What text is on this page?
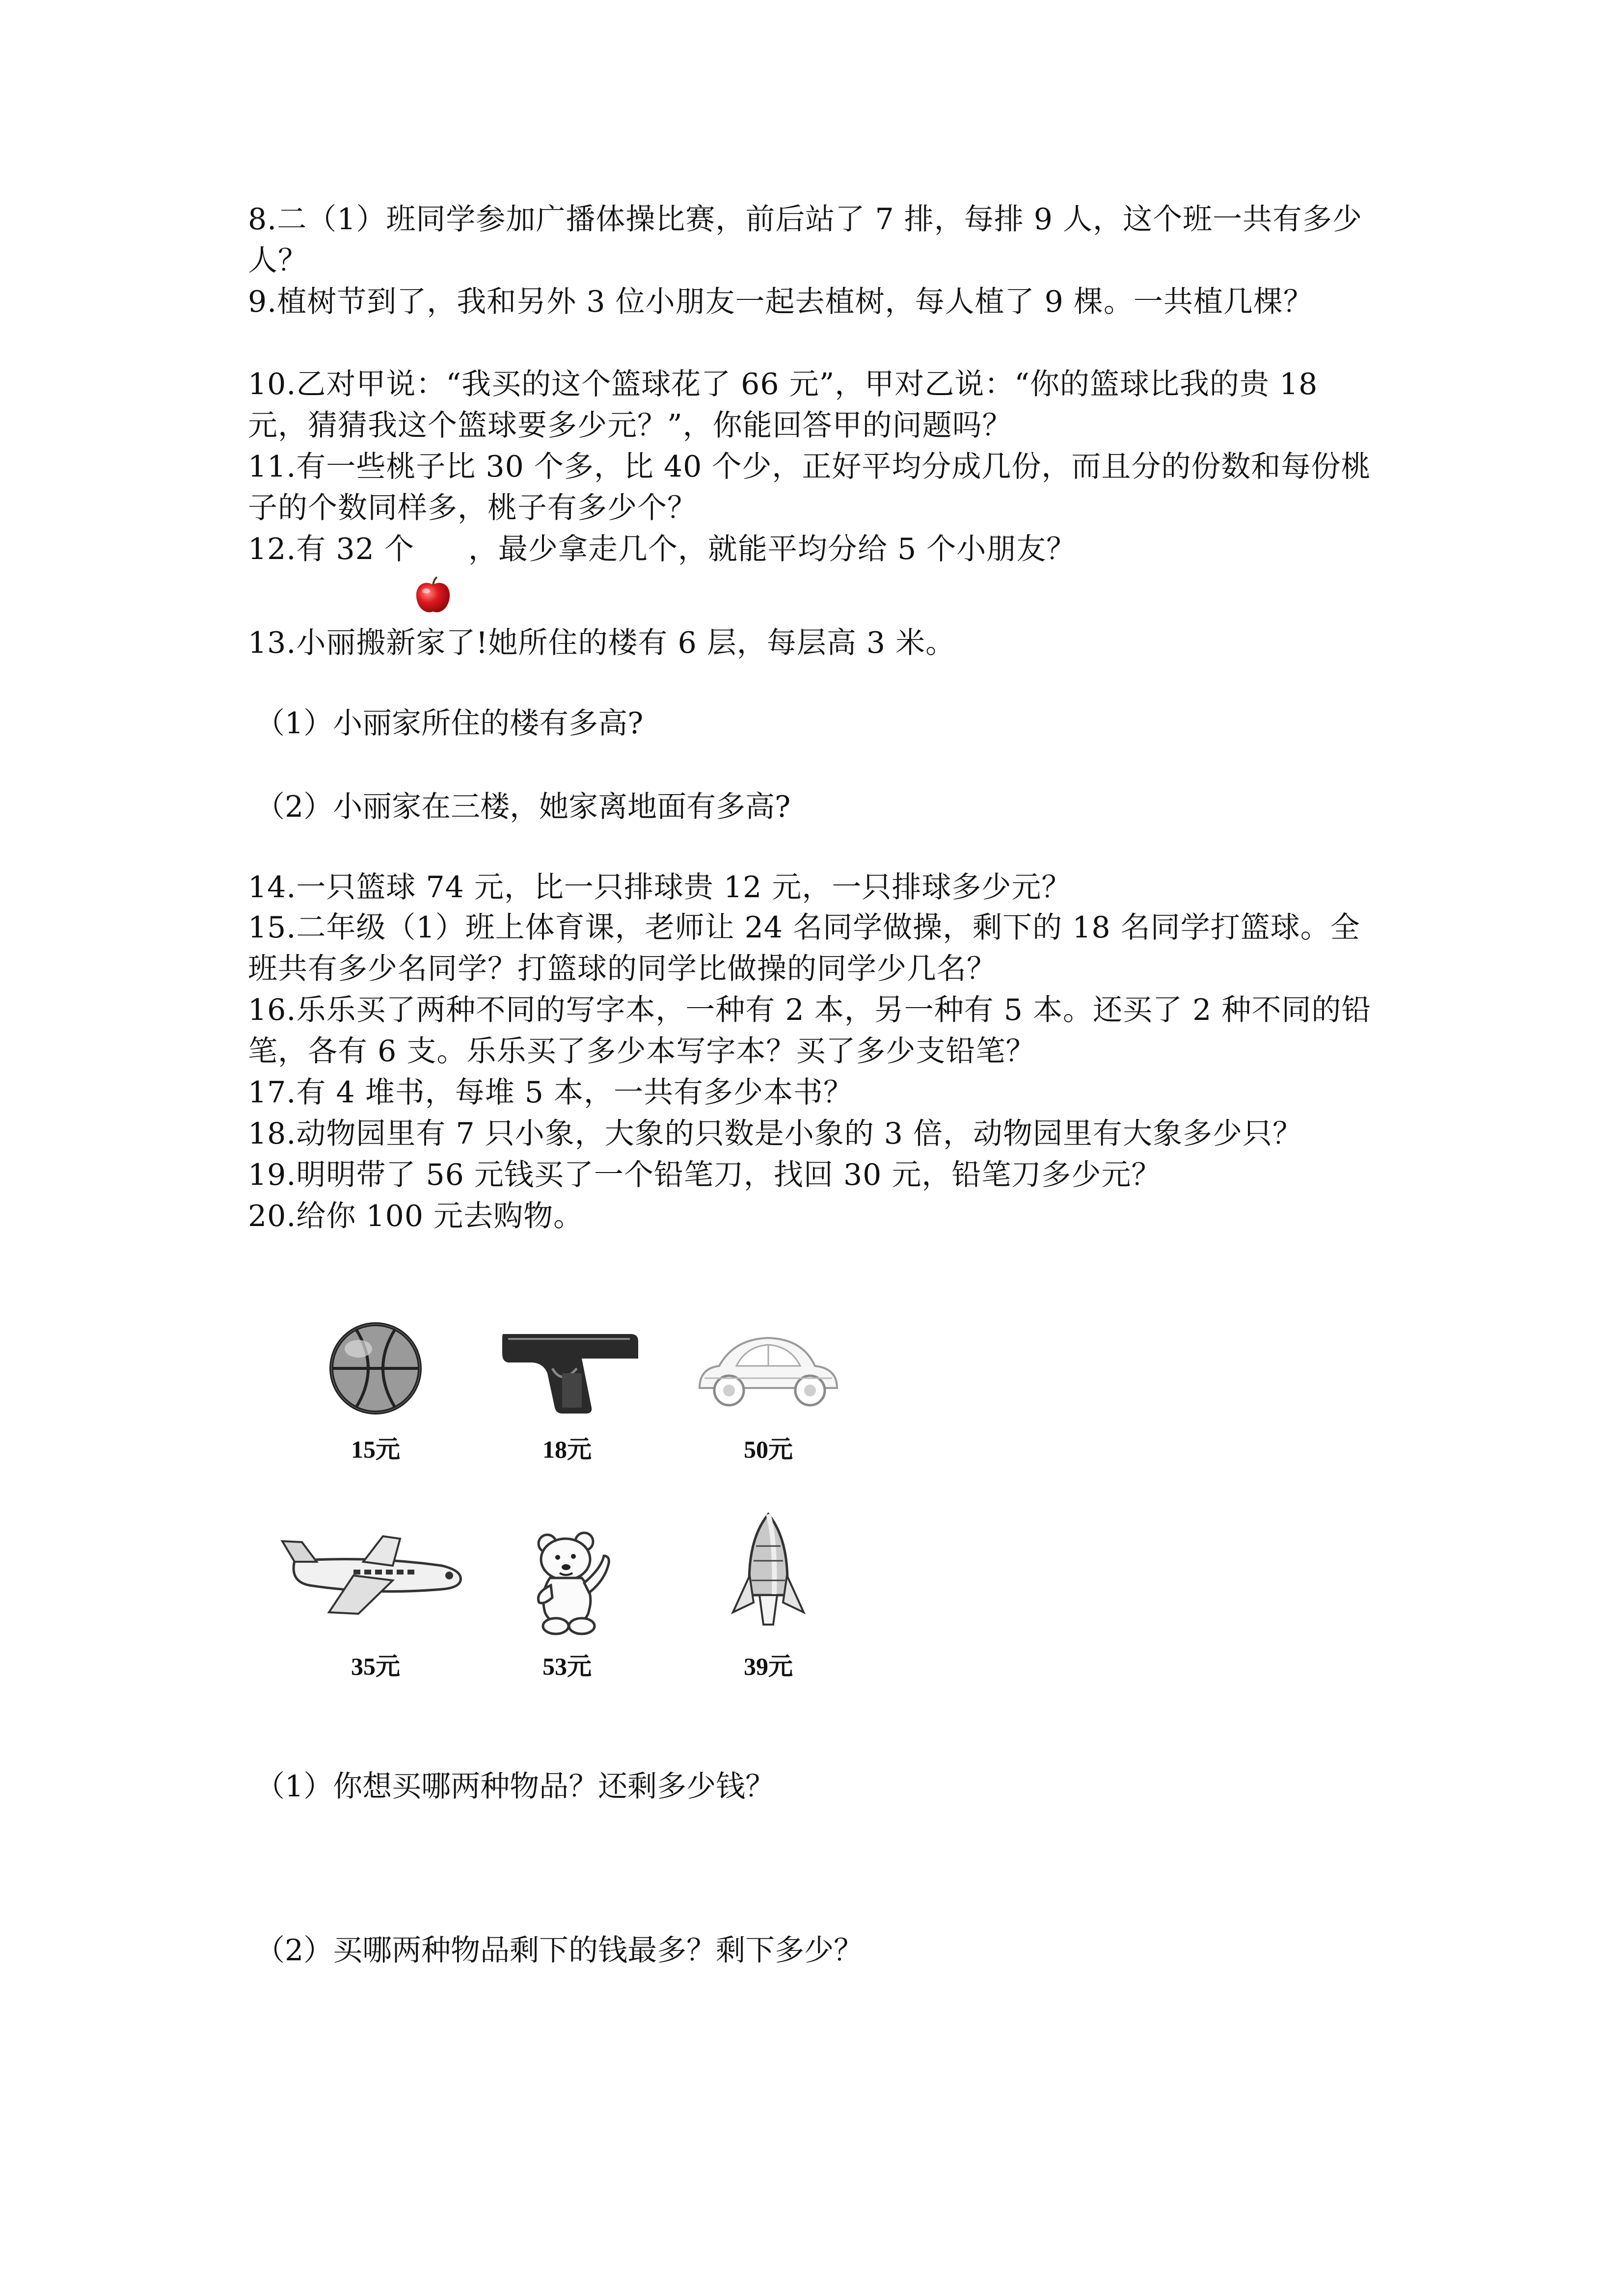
8.二（1）班同学参加广播体操比赛，前后站了 7 排，每排 9 人，这个班一共有多少人？

9.植树节到了，我和另外 3 位小朋友一起去植树，每人植了 9 棵。一共植几棵？

10.乙对甲说：“我买的这个篮球花了 66 元”，甲对乙说：“你的篮球比我的贵 18 元，猜猜我这个篮球要多少元？”，你能回答甲的问题吗？

11.有一些桃子比 30 个多，比 40 个少，正好平均分成几份，而且分的份数和每份桃子的个数同样多，桃子有多少个？

12.有 32 个 ，最少拿走几个，就能平均分给 5 个小朋友？

13.小丽搬新家了!她所住的楼有 6 层，每层高 3 米。

（1）小丽家所住的楼有多高?

（2）小丽家在三楼，她家离地面有多高?

14.一只篮球 74 元，比一只排球贵 12 元，一只排球多少元？

15.二年级（1）班上体育课，老师让 24 名同学做操，剩下的 18 名同学打篮球。全班共有多少名同学？打篮球的同学比做操的同学少几名？

16.乐乐买了两种不同的写字本，一种有 2 本，另一种有 5 本。还买了 2 种不同的铅笔，各有 6 支。乐乐买了多少本写字本？买了多少支铅笔？

17.有 4 堆书，每堆 5 本，一共有多少本书？

18.动物园里有 7 只小象，大象的只数是小象的 3 倍，动物园里有大象多少只？

19.明明带了 56 元钱买了一个铅笔刀，找回 30 元，铅笔刀多少元？

20.给你 100 元去购物。

15元	18元	50元
35元	53元	39元

（1）你想买哪两种物品？还剩多少钱？

（2）买哪两种物品剩下的钱最多？剩下多少？
